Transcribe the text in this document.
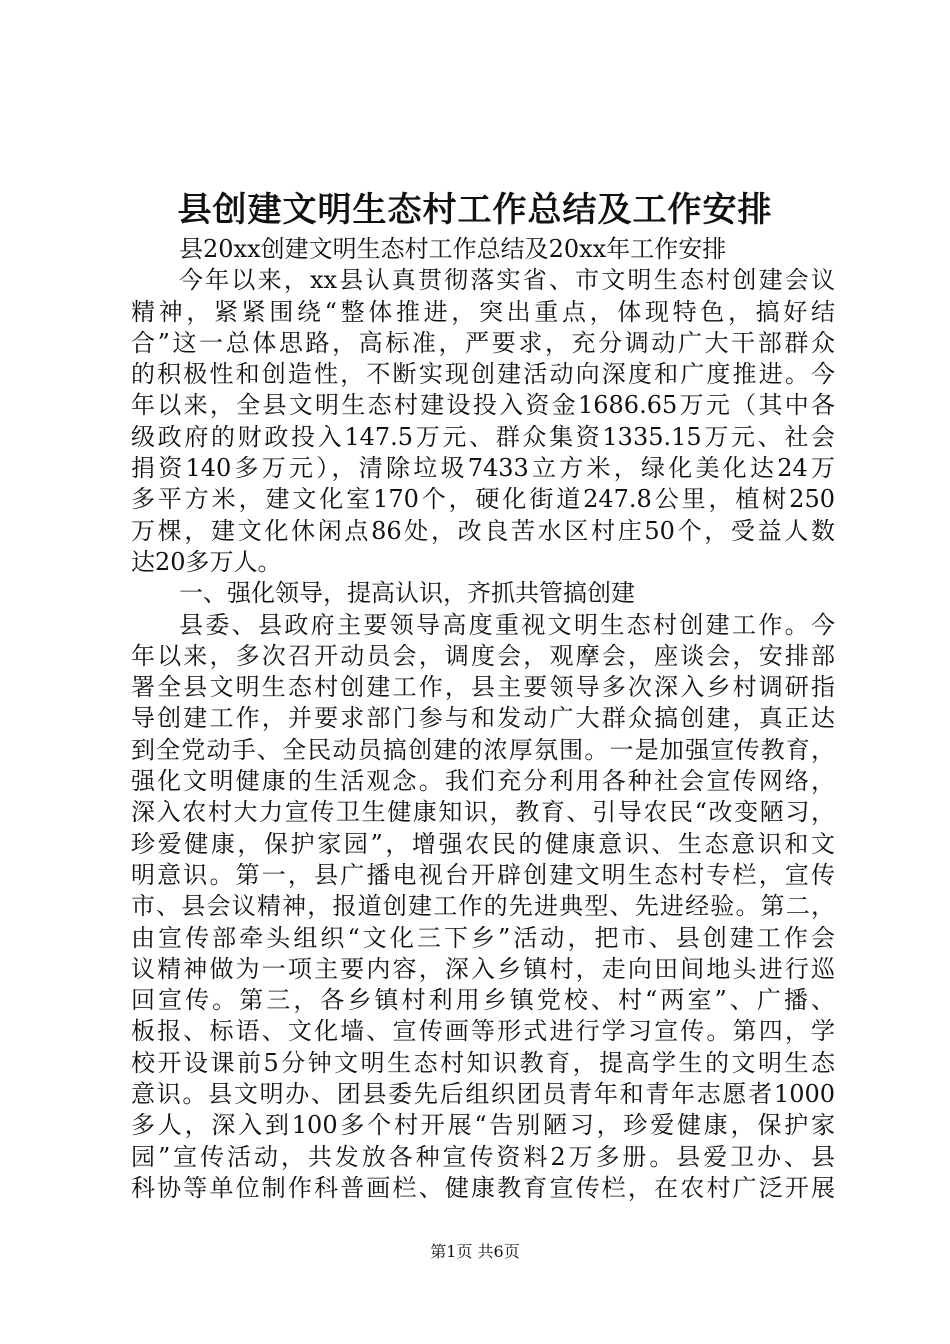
县创建文明生态村工作总结及工作安排
县20xx创建文明生态村工作总结及20xx年工作安排
今年以来，xx县认真贯彻落实省、市文明生态村创建会议
精神，紧紧围绕“整体推进，突出重点，体现特色，搞好结
合”这一总体思路，高标准，严要求，充分调动广大干部群众
的积极性和创造性，不断实现创建活动向深度和广度推进。今
年以来，全县文明生态村建设投入资金1686.65万元（其中各
级政府的财政投入147.5万元、群众集资1335.15万元、社会
捐资140多万元），清除垃圾7433立方米，绿化美化达24万
多平方米，建文化室170个，硬化街道247.8公里，植树250
万棵，建文化休闲点86处，改良苦水区村庄50个，受益人数
达20多万人。
一、强化领导，提高认识，齐抓共管搞创建
县委、县政府主要领导高度重视文明生态村创建工作。今
年以来，多次召开动员会，调度会，观摩会，座谈会，安排部
署全县文明生态村创建工作，县主要领导多次深入乡村调研指
导创建工作，并要求部门参与和发动广大群众搞创建，真正达
到全党动手、全民动员搞创建的浓厚氛围。一是加强宣传教育，
强化文明健康的生活观念。我们充分利用各种社会宣传网络，
深入农村大力宣传卫生健康知识，教育、引导农民“改变陋习，
珍爱健康，保护家园”，增强农民的健康意识、生态意识和文
明意识。第一，县广播电视台开辟创建文明生态村专栏，宣传
市、县会议精神，报道创建工作的先进典型、先进经验。第二，
由宣传部牵头组织“文化三下乡”活动，把市、县创建工作会
议精神做为一项主要内容，深入乡镇村，走向田间地头进行巡
回宣传。第三，各乡镇村利用乡镇党校、村“两室”、广播、
板报、标语、文化墙、宣传画等形式进行学习宣传。第四，学
校开设课前5分钟文明生态村知识教育，提高学生的文明生态
意识。县文明办、团县委先后组织团员青年和青年志愿者1000
多人，深入到100多个村开展“告别陋习，珍爱健康，保护家
园”宣传活动，共发放各种宣传资料2万多册。县爱卫办、县
科协等单位制作科普画栏、健康教育宣传栏，在农村广泛开展
第1页 共6页
